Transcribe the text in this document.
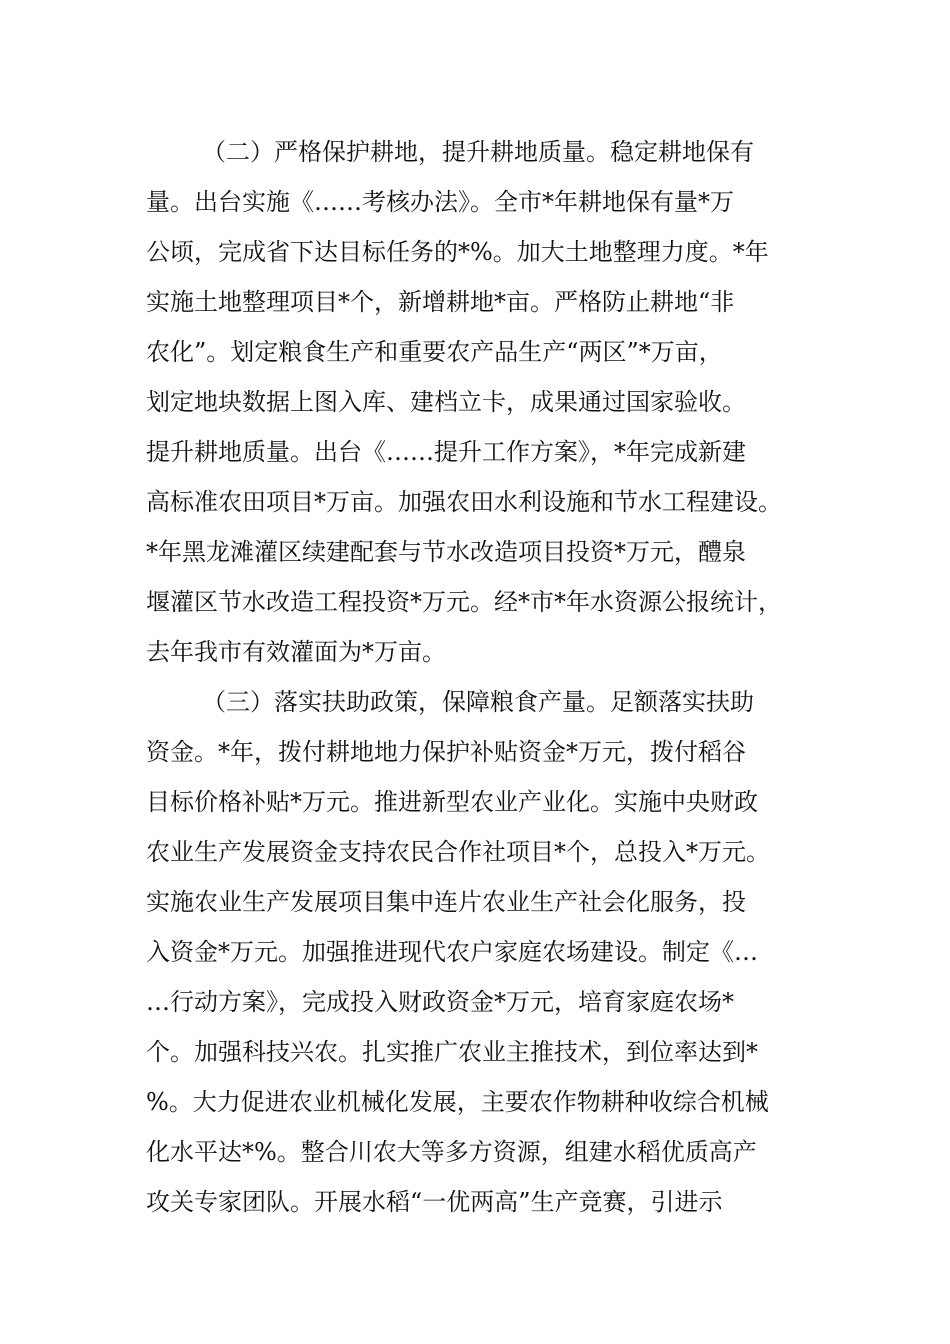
（二）严格保护耕地，提升耕地质量。稳定耕地保有
量。出台实施《……考核办法》。全市*年耕地保有量*万
公顷，完成省下达目标任务的*%。加大土地整理力度。*年
实施土地整理项目*个，新增耕地*亩。严格防止耕地“非
农化”。划定粮食生产和重要农产品生产“两区”*万亩，
划定地块数据上图入库、建档立卡，成果通过国家验收。
提升耕地质量。出台《……提升工作方案》，*年完成新建
高标准农田项目*万亩。加强农田水利设施和节水工程建设。
*年黑龙滩灌区续建配套与节水改造项目投资*万元，醴泉
堰灌区节水改造工程投资*万元。经*市*年水资源公报统计，
去年我市有效灌面为*万亩。
（三）落实扶助政策，保障粮食产量。足额落实扶助
资金。*年，拨付耕地地力保护补贴资金*万元，拨付稻谷
目标价格补贴*万元。推进新型农业产业化。实施中央财政
农业生产发展资金支持农民合作社项目*个，总投入*万元。
实施农业生产发展项目集中连片农业生产社会化服务，投
入资金*万元。加强推进现代农户家庭农场建设。制定《…
…行动方案》，完成投入财政资金*万元，培育家庭农场*
个。加强科技兴农。扎实推广农业主推技术，到位率达到*
%。大力促进农业机械化发展，主要农作物耕种收综合机械
化水平达*%。整合川农大等多方资源，组建水稻优质高产
攻关专家团队。开展水稻“一优两高”生产竞赛，引进示
